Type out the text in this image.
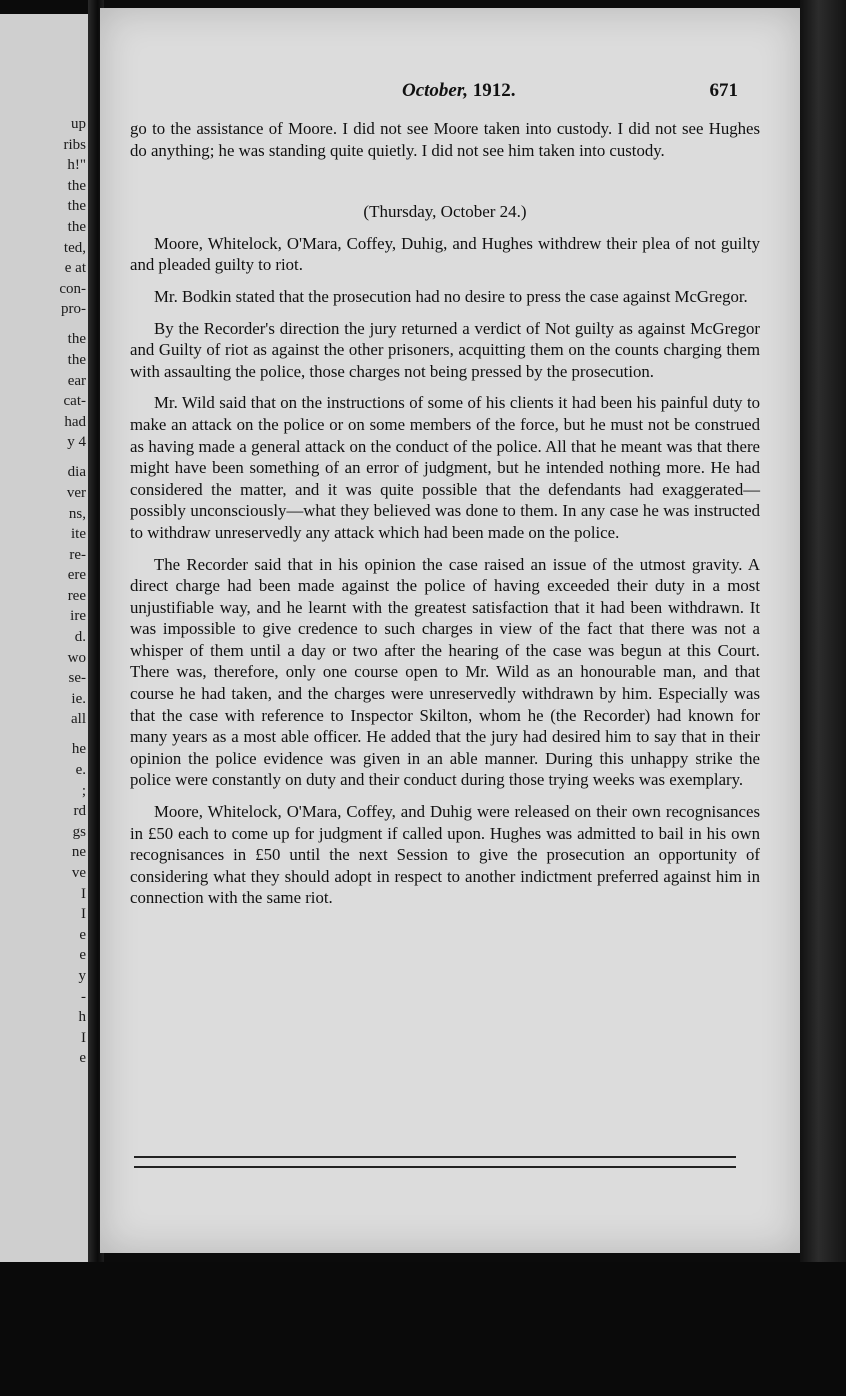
up
ribs
h!"
the
the
the
ted,
e at
con-
pro-
the
the
ear
cat-
had
y 4
dia
ver
ns,
ite
re-
ere
ree
ire
d.
wo
se-
ie.
all
he
e.
;
rd
gs
ne
ve
I
I
e
e
y
-
h
I
e
October, 1912.	671

go to the assistance of Moore. I did not see Moore taken into custody. I did not see Hughes do anything; he was standing quite quietly. I did not see him taken into custody.

(Thursday, October 24.)

Moore, Whitelock, O'Mara, Coffey, Duhig, and Hughes withdrew their plea of not guilty and pleaded guilty to riot.

Mr. Bodkin stated that the prosecution had no desire to press the case against McGregor.

By the Recorder's direction the jury returned a verdict of Not guilty as against McGregor and Guilty of riot as against the other prisoners, acquitting them on the counts charging them with assaulting the police, those charges not being pressed by the prosecution.

Mr. Wild said that on the instructions of some of his clients it had been his painful duty to make an attack on the police or on some members of the force, but he must not be construed as having made a general attack on the conduct of the police. All that he meant was that there might have been something of an error of judgment, but he intended nothing more. He had considered the matter, and it was quite possible that the defendants had exaggerated—possibly unconsciously—what they believed was done to them. In any case he was instructed to withdraw unreservedly any attack which had been made on the police.

The Recorder said that in his opinion the case raised an issue of the utmost gravity. A direct charge had been made against the police of having exceeded their duty in a most unjustifiable way, and he learnt with the greatest satisfaction that it had been withdrawn. It was impossible to give credence to such charges in view of the fact that there was not a whisper of them until a day or two after the hearing of the case was begun at this Court. There was, therefore, only one course open to Mr. Wild as an honourable man, and that course he had taken, and the charges were unreservedly withdrawn by him. Especially was that the case with reference to Inspector Skilton, whom he (the Recorder) had known for many years as a most able officer. He added that the jury had desired him to say that in their opinion the police evidence was given in an able manner. During this unhappy strike the police were constantly on duty and their conduct during those trying weeks was exemplary.

Moore, Whitelock, O'Mara, Coffey, and Duhig were released on their own recognisances in £50 each to come up for judgment if called upon. Hughes was admitted to bail in his own recognisances in £50 until the next Session to give the prosecution an opportunity of considering what they should adopt in respect to another indictment preferred against him in connection with the same riot.
